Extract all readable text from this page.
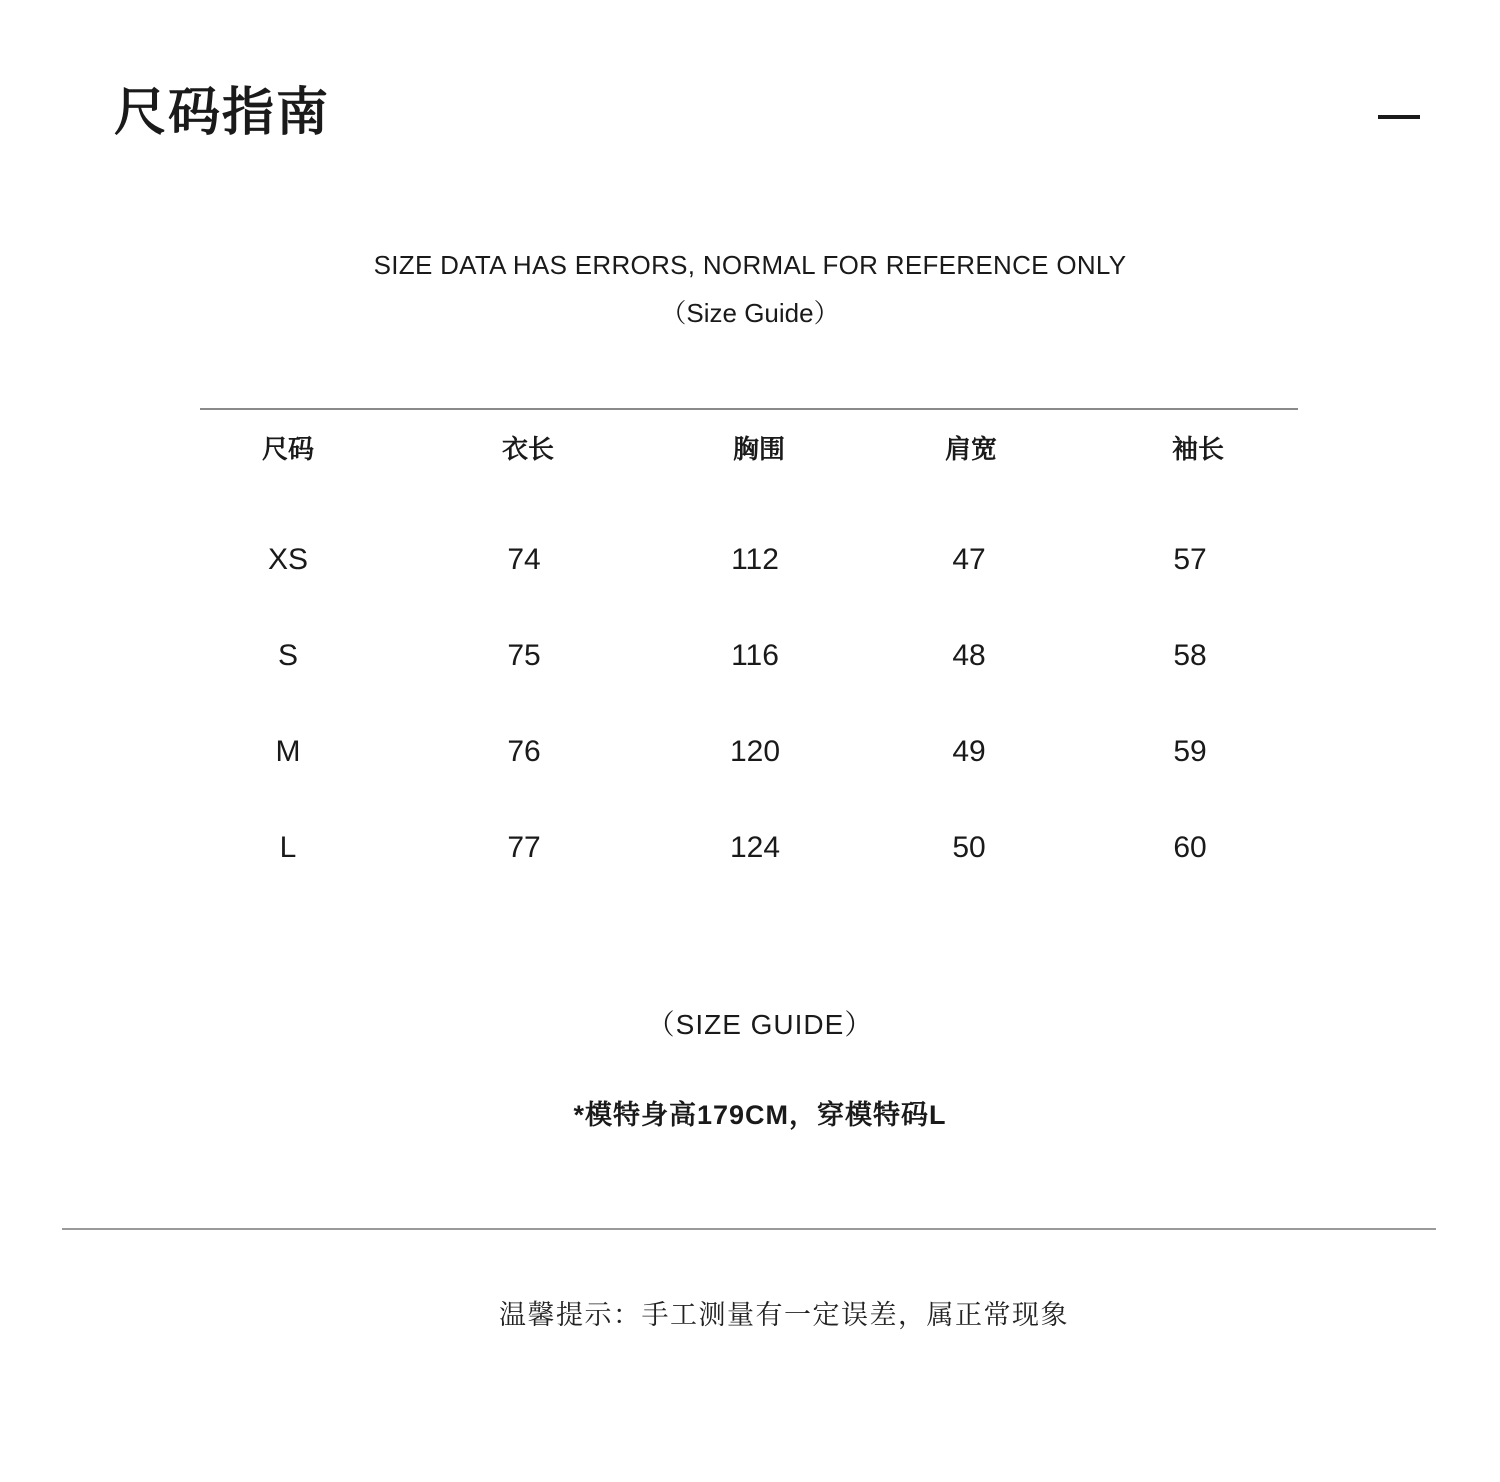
尺码指南
SIZE DATA HAS ERRORS, NORMAL FOR REFERENCE ONLY
（Size Guide）
尺码	衣长	胸围	肩宽	袖长
XS	74	112	47	57
S	75	116	48	58
M	76	120	49	59
L	77	124	50	60
（SIZE GUIDE）
*模特身高179CM，穿模特码L
温馨提示：手工测量有一定误差，属正常现象
